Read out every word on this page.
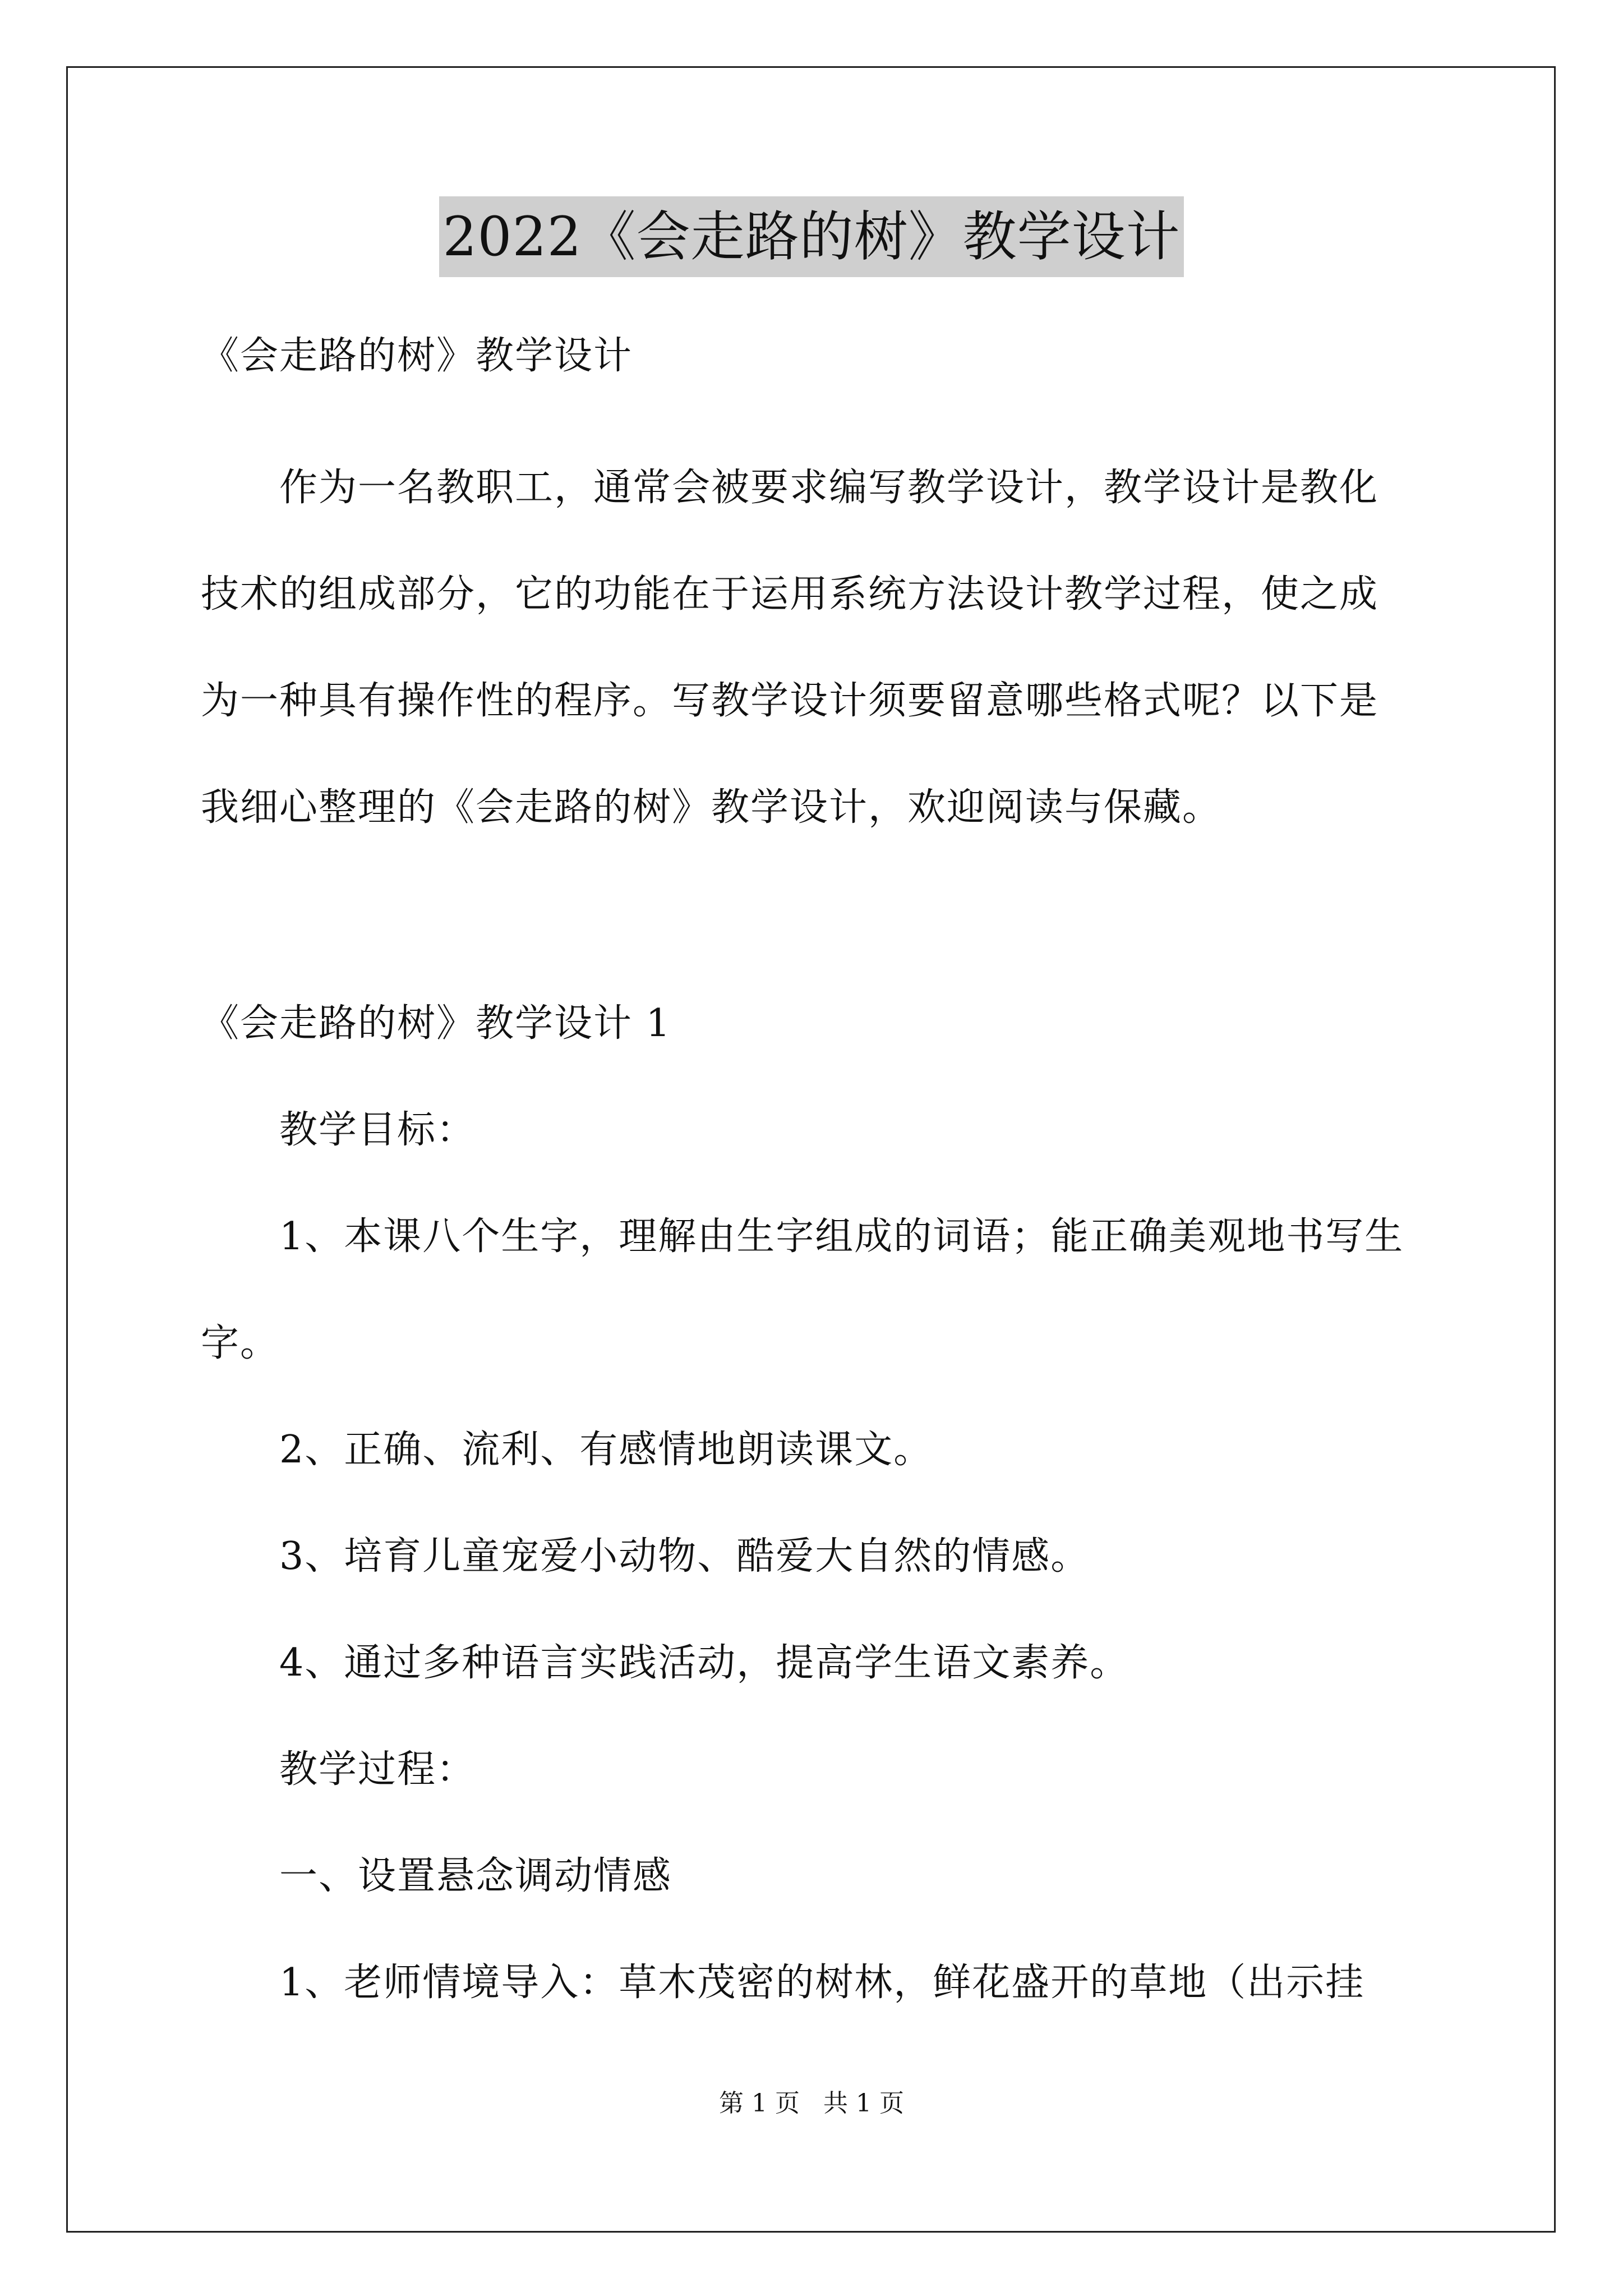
2022《会走路的树》教学设计
《会走路的树》教学设计
作为一名教职工，通常会被要求编写教学设计，教学设计是教化
技术的组成部分，它的功能在于运用系统方法设计教学过程，使之成
为一种具有操作性的程序。写教学设计须要留意哪些格式呢？以下是
我细心整理的《会走路的树》教学设计，欢迎阅读与保藏。
《会走路的树》教学设计 1
教学目标：
1、本课八个生字，理解由生字组成的词语；能正确美观地书写生
字。
2、正确、流利、有感情地朗读课文。
3、培育儿童宠爱小动物、酷爱大自然的情感。
4、通过多种语言实践活动，提高学生语文素养。
教学过程：
一、设置悬念调动情感
1、老师情境导入：草木茂密的树林，鲜花盛开的草地（出示挂
第 1 页   共 1 页
